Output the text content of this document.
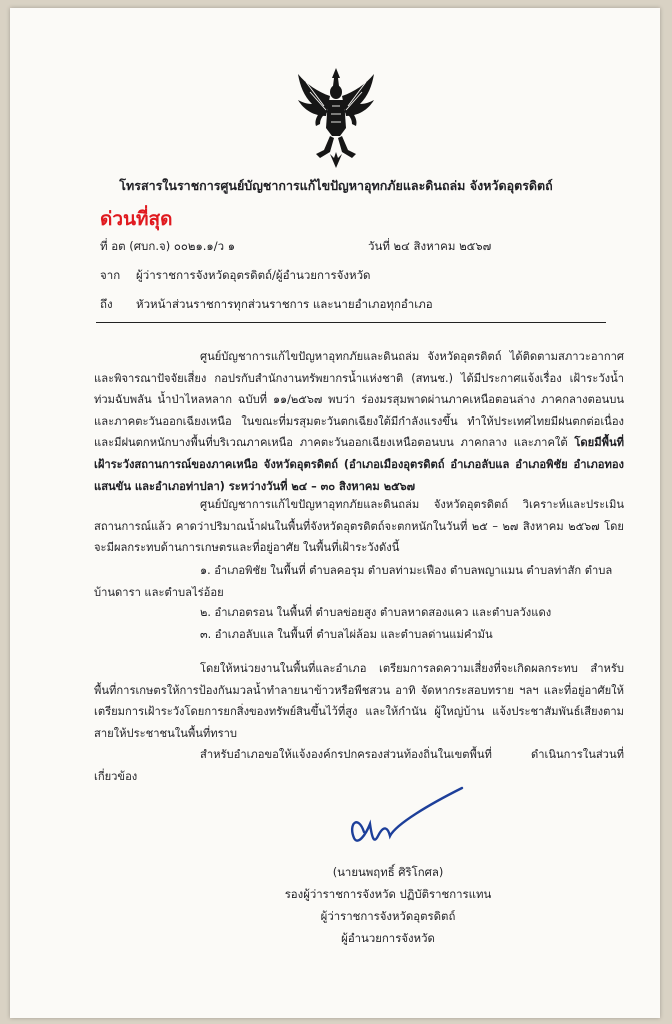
โทรสารในราชการศูนย์บัญชาการแก้ไขปัญหาอุทกภัยและดินถล่ม จังหวัดอุตรดิตถ์
ด่วนที่สุด
ที่ อต (ศบก.จ) ๐๐๒๑.๑/ว ๑	วันที่ ๒๔ สิงหาคม ๒๕๖๗
จาก ผู้ว่าราชการจังหวัดอุตรดิตถ์/ผู้อำนวยการจังหวัด
ถึง หัวหน้าส่วนราชการทุกส่วนราชการ และนายอำเภอทุกอำเภอ
ศูนย์บัญชาการแก้ไขปัญหาอุทกภัยและดินถล่ม จังหวัดอุตรดิตถ์ ได้ติดตามสภาวะอากาศและพิจารณาปัจจัยเสี่ยง กอปรกับสำนักงานทรัพยากรน้ำแห่งชาติ (สทนช.) ได้มีประกาศแจ้งเรื่อง เฝ้าระวังน้ำท่วมฉับพลัน น้ำป่าไหลหลาก ฉบับที่ ๑๑/๒๕๖๗ พบว่า ร่องมรสุมพาดผ่านภาคเหนือตอนล่าง ภาคกลางตอนบน และภาคตะวันออกเฉียงเหนือ ในขณะที่มรสุมตะวันตกเฉียงใต้มีกำลังแรงขึ้น ทำให้ประเทศไทยมีฝนตกต่อเนื่อง และมีฝนตกหนักบางพื้นที่บริเวณภาคเหนือ ภาคตะวันออกเฉียงเหนือตอนบน ภาคกลาง และภาคใต้ โดยมีพื้นที่เฝ้าระวังสถานการณ์ของภาคเหนือ จังหวัดอุตรดิตถ์ (อำเภอเมืองอุตรดิตถ์ อำเภอลับแล อำเภอพิชัย อำเภอทองแสนขัน และอำเภอท่าปลา) ระหว่างวันที่ ๒๔ – ๓๐ สิงหาคม ๒๕๖๗
ศูนย์บัญชาการแก้ไขปัญหาอุทกภัยและดินถล่ม จังหวัดอุตรดิตถ์ วิเคราะห์และประเมินสถานการณ์แล้ว คาดว่าปริมาณน้ำฝนในพื้นที่จังหวัดอุตรดิตถ์จะตกหนักในวันที่ ๒๕ – ๒๗ สิงหาคม ๒๕๖๗ โดยจะมีผลกระทบด้านการเกษตรและที่อยู่อาศัย ในพื้นที่เฝ้าระวังดังนี้
๑. อำเภอพิชัย ในพื้นที่ ตำบลคอรุม ตำบลท่ามะเฟือง ตำบลพญาแมน ตำบลท่าสัก ตำบลบ้านดารา และตำบลไร่อ้อย
๒. อำเภอตรอน ในพื้นที่ ตำบลข่อยสูง ตำบลหาดสองแคว และตำบลวังแดง
๓. อำเภอลับแล ในพื้นที่ ตำบลไผ่ล้อม และตำบลด่านแม่คำมัน
โดยให้หน่วยงานในพื้นที่และอำเภอ เตรียมการลดความเสี่ยงที่จะเกิดผลกระทบ สำหรับพื้นที่การเกษตรให้การป้องกันมวลน้ำทำลายนาข้าวหรือพืชสวน อาทิ จัดหากระสอบทราย ฯลฯ และที่อยู่อาศัยให้เตรียมการเฝ้าระวังโดยการยกสิ่งของทรัพย์สินขึ้นไว้ที่สูง และให้กำนัน ผู้ใหญ่บ้าน แจ้งประชาสัมพันธ์เสียงตามสายให้ประชาชนในพื้นที่ทราบ
สำหรับอำเภอขอให้แจ้งองค์กรปกครองส่วนท้องถิ่นในเขตพื้นที่ ดำเนินการในส่วนที่เกี่ยวข้อง
(นายนพฤทธิ์ ศิริโกศล)
รองผู้ว่าราชการจังหวัด ปฏิบัติราชการแทน
ผู้ว่าราชการจังหวัดอุตรดิตถ์
ผู้อำนวยการจังหวัด
